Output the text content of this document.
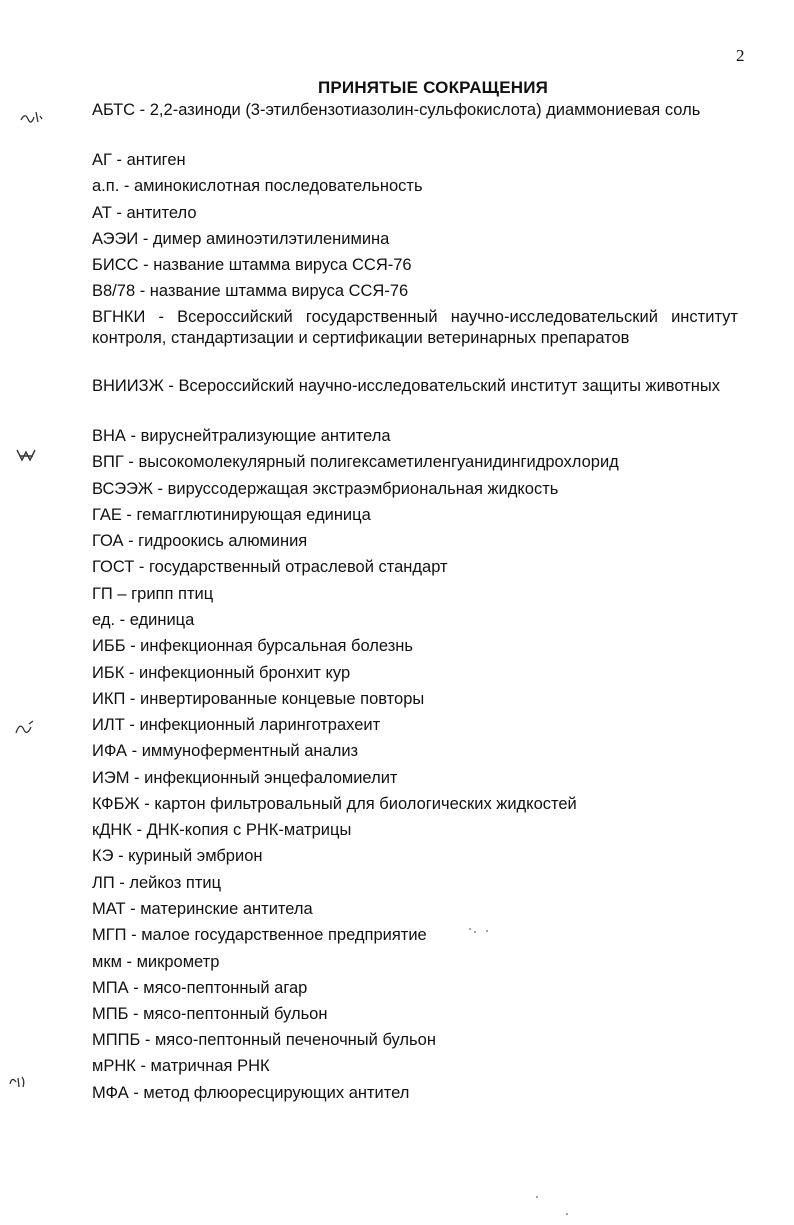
2
ПРИНЯТЫЕ СОКРАЩЕНИЯ
АБТС - 2,2-азиноди (3-этилбензотиазолин-сульфокислота) диаммониевая соль
АГ - антиген
а.п. - аминокислотная последовательность
АТ - антитело
АЭЭИ - димер аминоэтилэтиленимина
БИСС - название штамма вируса ССЯ-76
В8/78 - название штамма вируса ССЯ-76
ВГНКИ - Всероссийский государственный научно-исследовательский институт контроля, стандартизации и сертификации ветеринарных препаратов
ВНИИЗЖ - Всероссийский научно-исследовательский институт защиты животных
ВНА - вируснейтрализующие антитела
ВПГ - высокомолекулярный полигексаметиленгуанидингидрохлорид
ВСЭЭЖ - вируссодержащая экстраэмбриональная жидкость
ГАЕ - гемагглютинирующая единица
ГОА - гидроокись алюминия
ГОСТ - государственный отраслевой стандарт
ГП – грипп птиц
ед. - единица
ИББ - инфекционная бурсальная болезнь
ИБК - инфекционный бронхит кур
ИКП - инвертированные концевые повторы
ИЛТ - инфекционный ларинготрахеит
ИФА - иммуноферментный анализ
ИЭМ - инфекционный энцефаломиелит
КФБЖ - картон фильтровальный для биологических жидкостей
кДНК - ДНК-копия с РНК-матрицы
КЭ - куриный эмбрион
ЛП - лейкоз птиц
МАТ - материнские антитела
МГП - малое государственное предприятие
мкм - микрометр
МПА - мясо-пептонный агар
МПБ - мясо-пептонный бульон
МППБ - мясо-пептонный печеночный бульон
мРНК - матричная РНК
МФА - метод флюоресцирующих антител
